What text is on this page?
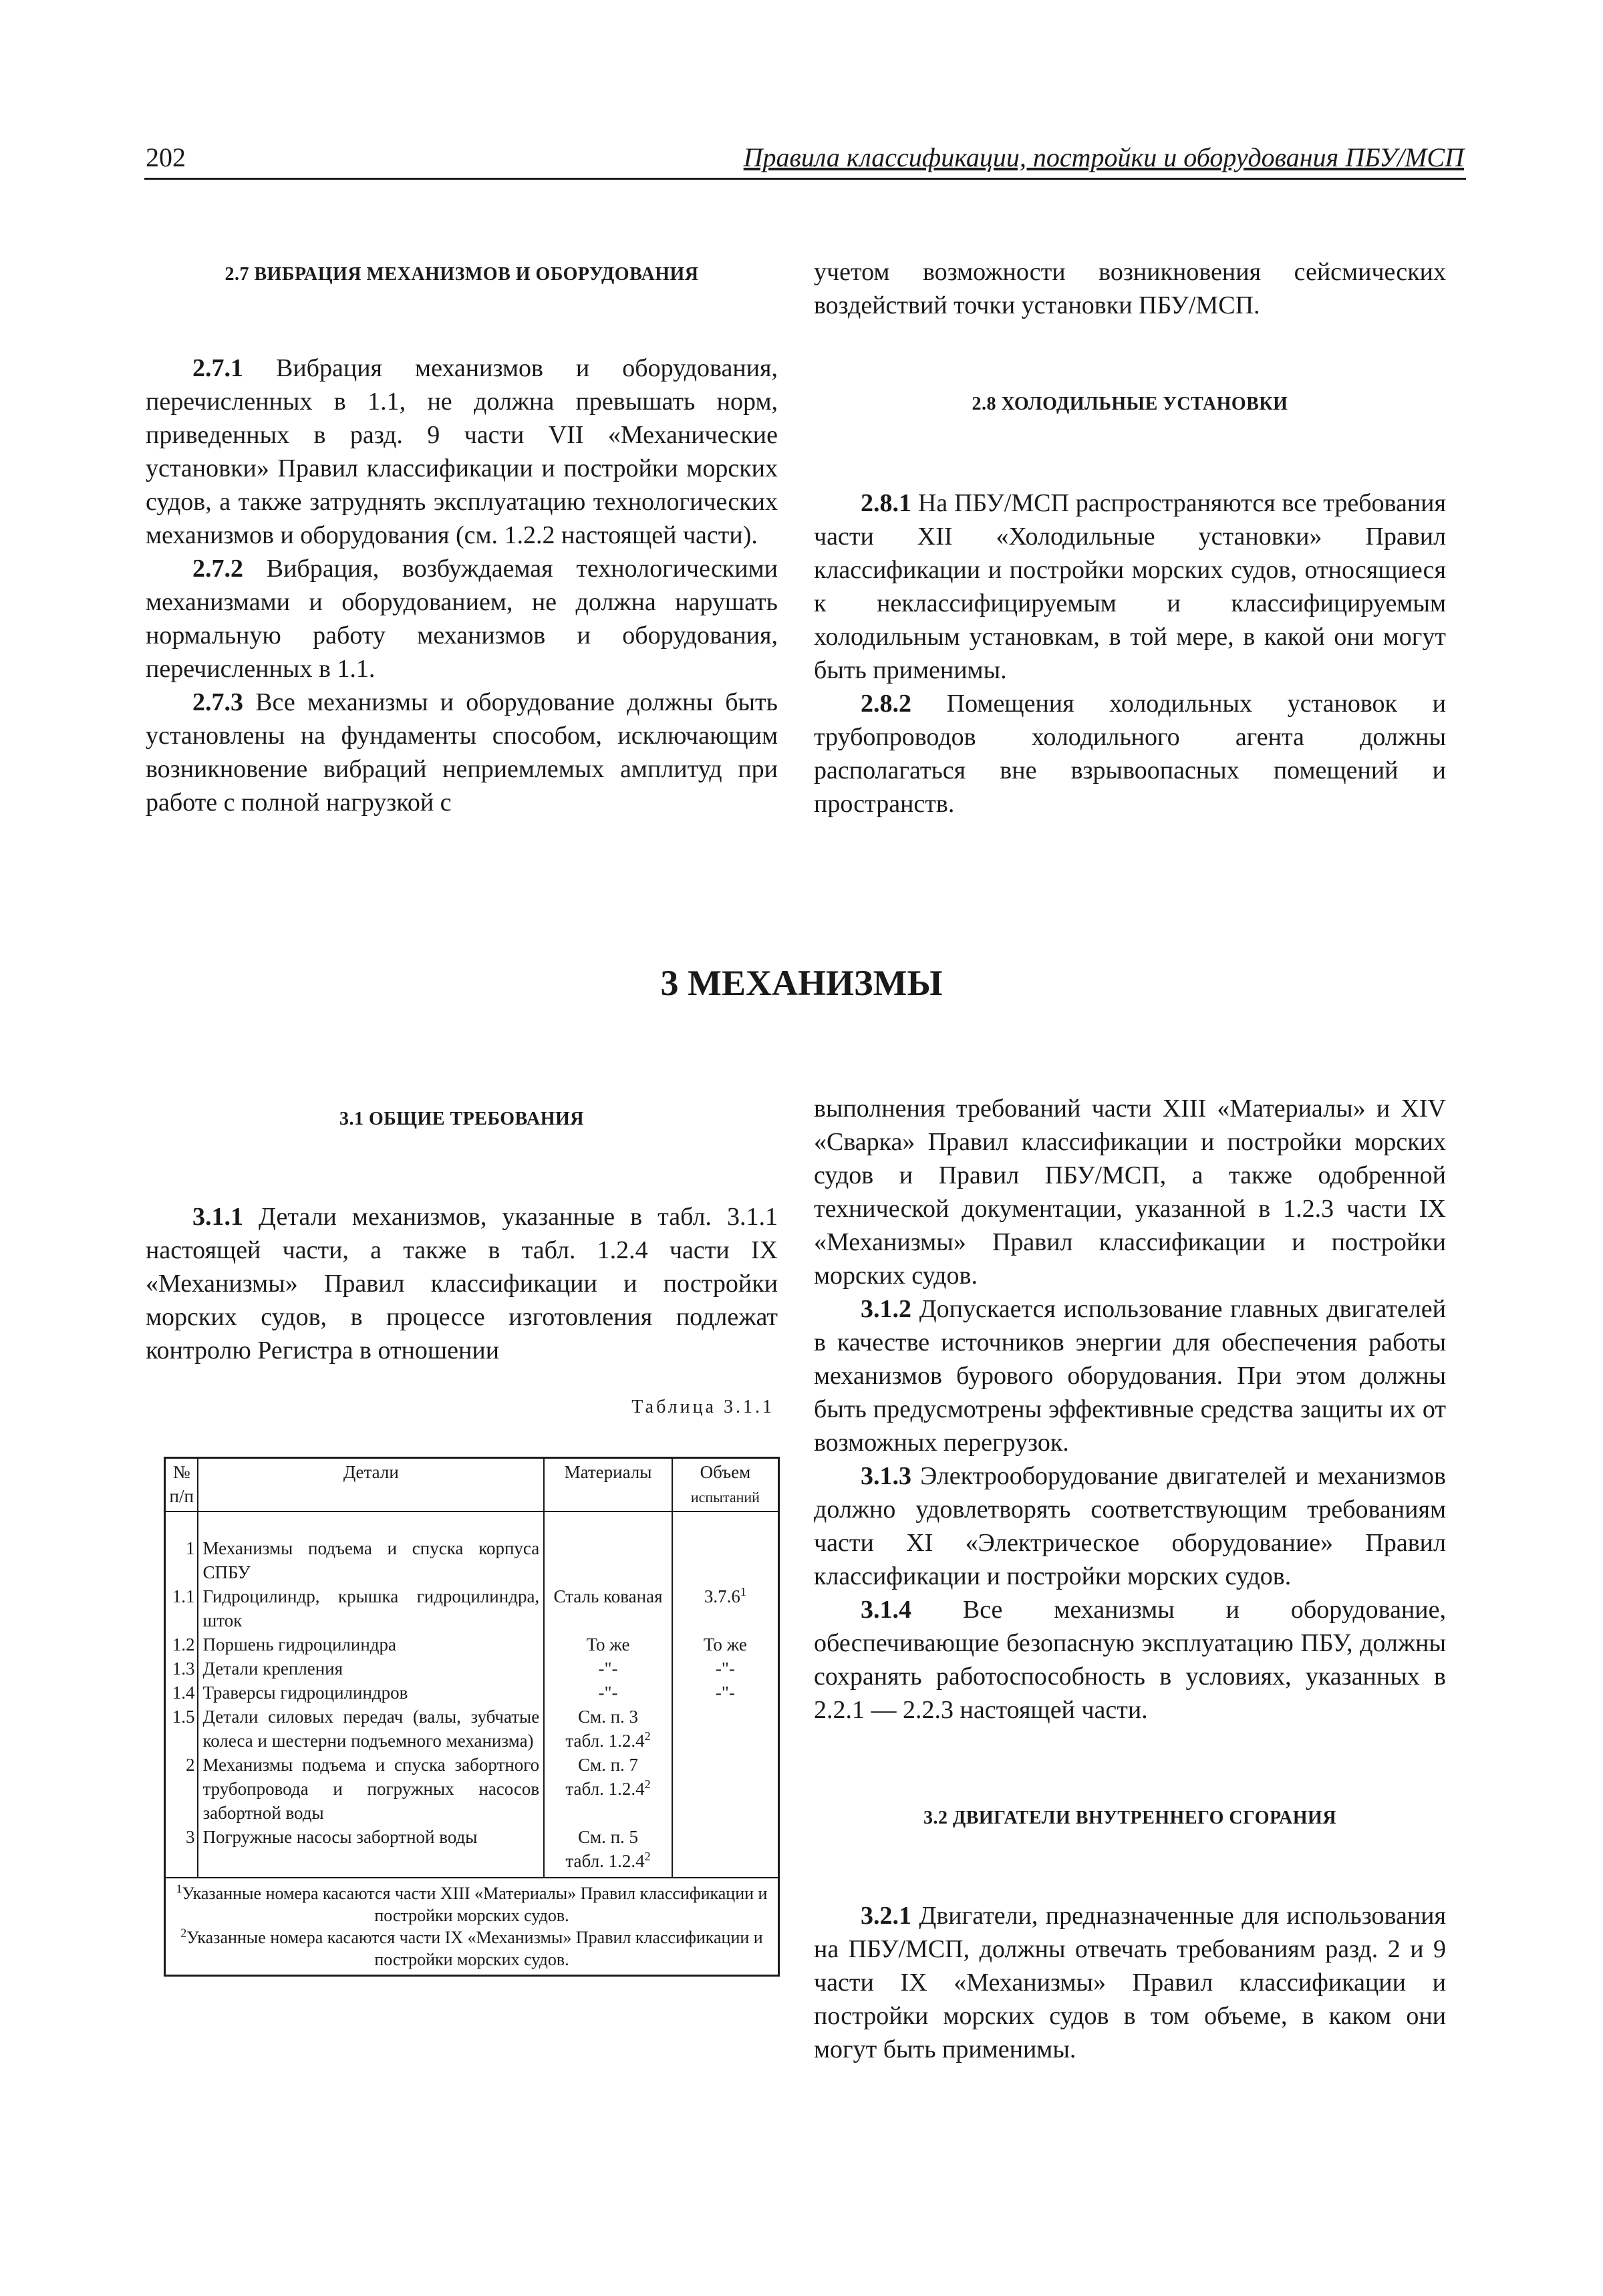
202	Правила классификации, постройки и оборудования ПБУ/МСП
2.7 ВИБРАЦИЯ МЕХАНИЗМОВ И ОБОРУДОВАНИЯ

2.7.1 Вибрация механизмов и оборудования, перечисленных в 1.1, не должна превышать норм, приведенных в разд. 9 части VII «Механические установки» Правил классификации и постройки морских судов, а также затруднять эксплуатацию технологических механизмов и оборудования (см. 1.2.2 настоящей части).

2.7.2 Вибрация, возбуждаемая технологическими механизмами и оборудованием, не должна нарушать нормальную работу механизмов и оборудования, перечисленных в 1.1.

2.7.3 Все механизмы и оборудование должны быть установлены на фундаменты способом, исключающим возникновение вибраций неприемлемых амплитуд при работе с полной нагрузкой с

учетом возможности возникновения сейсмических воздействий точки установки ПБУ/МСП.

2.8 ХОЛОДИЛЬНЫЕ УСТАНОВКИ

2.8.1 На ПБУ/МСП распространяются все требования части XII «Холодильные установки» Правил классификации и постройки морских судов, относящиеся к неклассифицируемым и классифицируемым холодильным установкам, в той мере, в какой они могут быть применимы.

2.8.2 Помещения холодильных установок и трубопроводов холодильного агента должны располагаться вне взрывоопасных помещений и пространств.

3 МЕХАНИЗМЫ
3.1 ОБЩИЕ ТРЕБОВАНИЯ

3.1.1 Детали механизмов, указанные в табл. 3.1.1 настоящей части, а также в табл. 1.2.4 части IX «Механизмы» Правил классификации и постройки морских судов, в процессе изготовления подлежат контролю Регистра в отношении

Таблица 3.1.1
№
п/п	Детали	Материалы	Объем
испытаний
1	Механизмы подъема и спуска корпуса СПБУ		
1.1	Гидроцилиндр, крышка гидроцилиндра, шток	Сталь кованая	3.7.6$^1$
1.2	Поршень гидроцилиндра	То же	То же
1.3	Детали крепления	-"-	-"-
1.4	Траверсы гидроцилиндров	-"-	-"-
1.5	Детали силовых передач (валы, зубчатые колеса и шестерни подъемного механизма)	См. п. 3
табл. 1.2.4$^2$	
2	Механизмы подъема и спуска забортного трубопровода и погружных насосов забортной воды	См. п. 7
табл. 1.2.4$^2$	
3	Погружные насосы забортной воды	См. п. 5
табл. 1.2.4$^2$	

$^1$Указанные номера касаются части XIII «Материалы» Правил классификации и постройки морских судов.
$^2$Указанные номера касаются части IX «Механизмы» Правил классификации и постройки морских судов.			

выполнения требований части XIII «Материалы» и XIV «Сварка» Правил классификации и постройки морских судов и Правил ПБУ/МСП, а также одобренной технической документации, указанной в 1.2.3 части IX «Механизмы» Правил классификации и постройки морских судов.

3.1.2 Допускается использование главных двигателей в качестве источников энергии для обеспечения работы механизмов бурового оборудования. При этом должны быть предусмотрены эффективные средства защиты их от возможных перегрузок.

3.1.3 Электрооборудование двигателей и механизмов должно удовлетворять соответствующим требованиям части XI «Электрическое оборудование» Правил классификации и постройки морских судов.

3.1.4 Все механизмы и оборудование, обеспечивающие безопасную эксплуатацию ПБУ, должны сохранять работоспособность в условиях, указанных в 2.2.1 — 2.2.3 настоящей части.

3.2 ДВИГАТЕЛИ ВНУТРЕННЕГО СГОРАНИЯ

3.2.1 Двигатели, предназначенные для использования на ПБУ/МСП, должны отвечать требованиям разд. 2 и 9 части IX «Механизмы» Правил классификации и постройки морских судов в том объеме, в каком они могут быть применимы.
